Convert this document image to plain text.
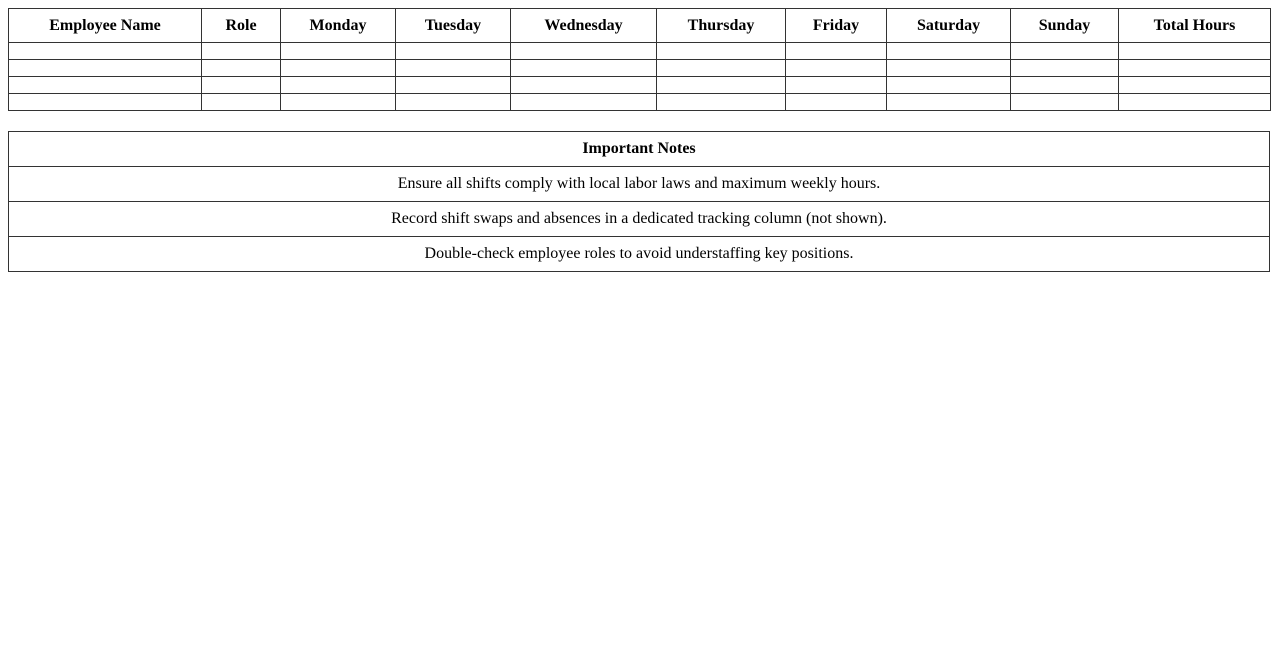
Employee Name	Role	Monday	Tuesday	Wednesday	Thursday	Friday	Saturday	Sunday	Total Hours

Important Notes
Ensure all shifts comply with local labor laws and maximum weekly hours.
Record shift swaps and absences in a dedicated tracking column (not shown).
Double-check employee roles to avoid understaffing key positions.
